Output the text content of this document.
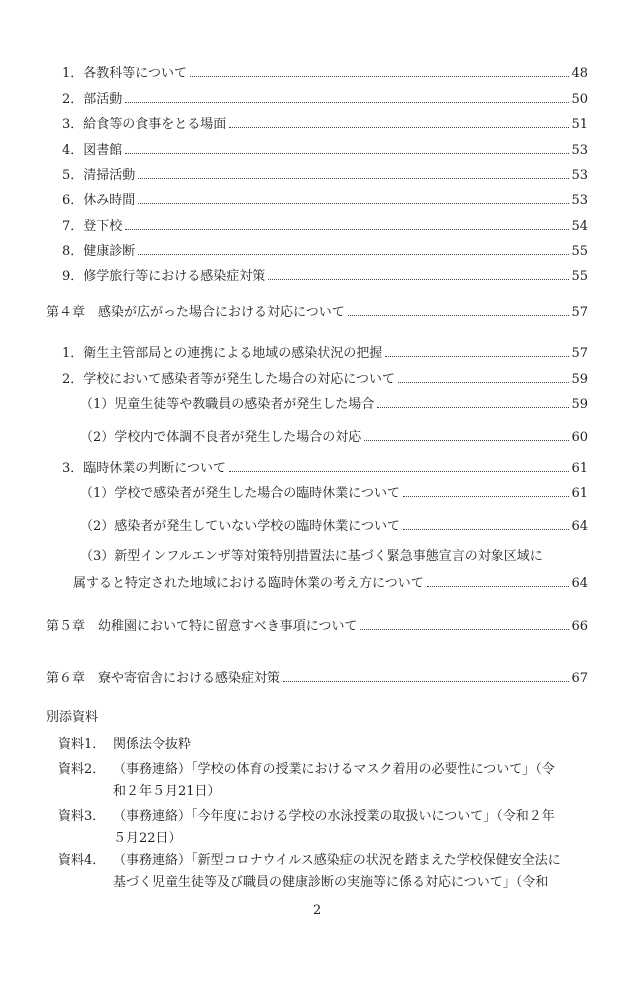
1．各教科等について	48
2．部活動	50
3．給食等の食事をとる場面	51
4．図書館	53
5．清掃活動	53
6．休み時間	53
7．登下校	54
8．健康診断	55
9．修学旅行等における感染症対策	55
第４章　感染が広がった場合における対応について	57
1．衛生主管部局との連携による地域の感染状況の把握	57
2．学校において感染者等が発生した場合の対応について	59
（1）児童生徒等や教職員の感染者が発生した場合	59
（2）学校内で体調不良者が発生した場合の対応	60
3．臨時休業の判断について	61
（1）学校で感染者が発生した場合の臨時休業について	61
（2）感染者が発生していない学校の臨時休業について	64
（3）新型インフルエンザ等対策特別措置法に基づく緊急事態宣言の対象区域に
属すると特定された地域における臨時休業の考え方について	64
第５章　幼稚園において特に留意すべき事項について	66
第６章　寮や寄宿舎における感染症対策	67
別添資料
資料1． 関係法令抜粋
資料2． （事務連絡）「学校の体育の授業におけるマスク着用の必要性について」（令
和２年５月21日）
資料3． （事務連絡）「今年度における学校の水泳授業の取扱いについて」（令和２年
５月22日）
資料4． （事務連絡）「新型コロナウイルス感染症の状況を踏まえた学校保健安全法に
基づく児童生徒等及び職員の健康診断の実施等に係る対応について」（令和
2
